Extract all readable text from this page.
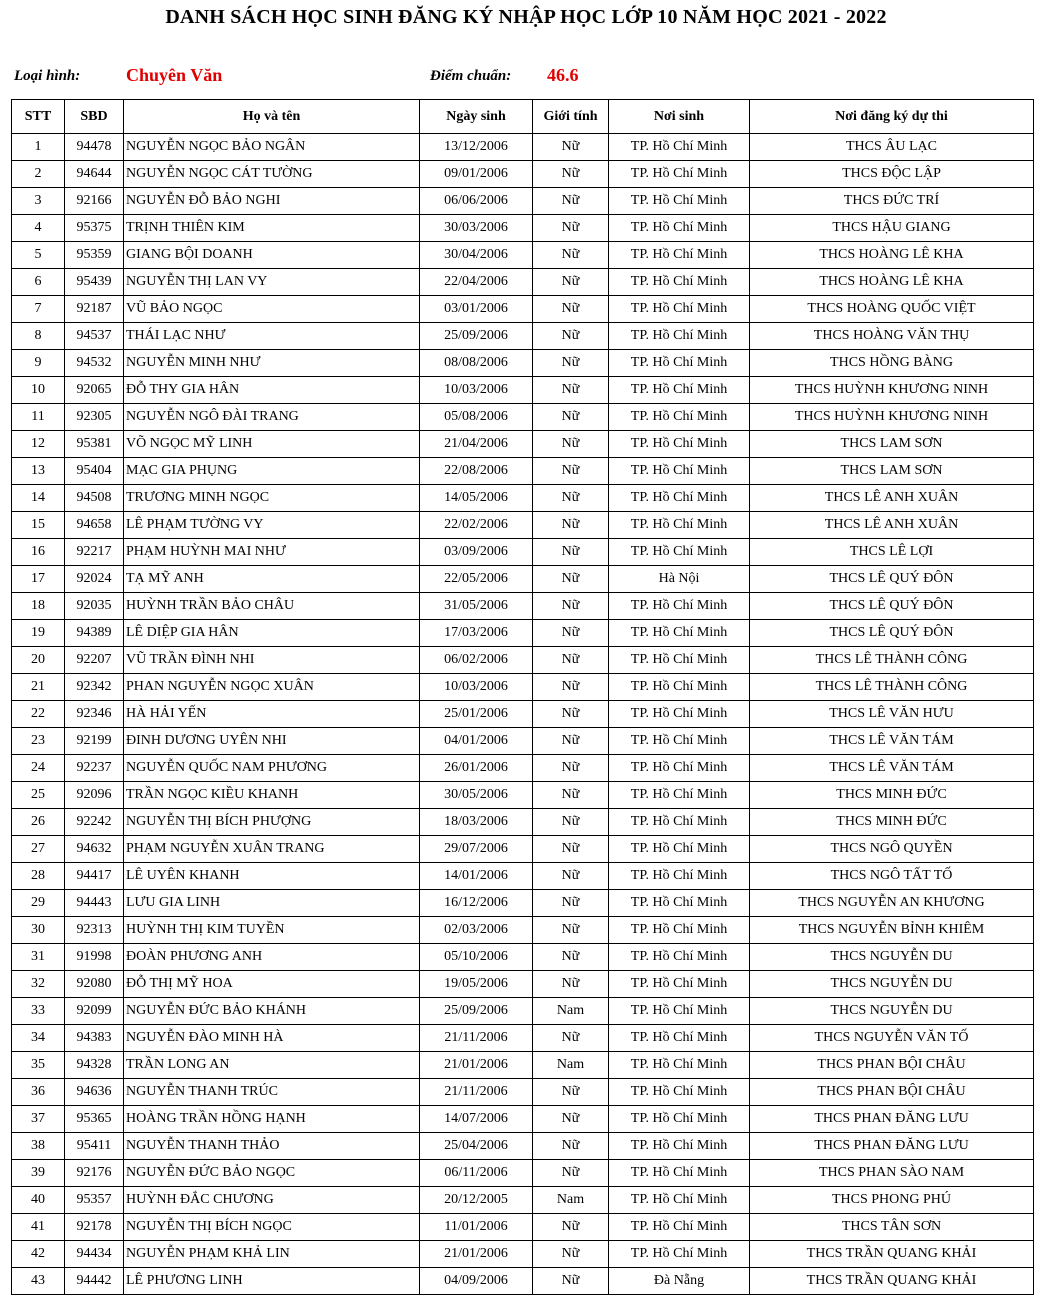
DANH SÁCH HỌC SINH ĐĂNG KÝ NHẬP HỌC LỚP 10 NĂM HỌC 2021 - 2022
Loại hình:	Chuyên Văn	Điểm chuẩn: 46.6
STT	SBD	Họ và tên	Ngày sinh	Giới tính	Nơi sinh	Nơi đăng ký dự thi
1	94478	NGUYỄN NGỌC BẢO NGÂN	13/12/2006	Nữ	TP. Hồ Chí Minh	THCS ÂU LẠC
2	94644	NGUYỄN NGỌC CÁT TƯỜNG	09/01/2006	Nữ	TP. Hồ Chí Minh	THCS ĐỘC LẬP
3	92166	NGUYỄN ĐỖ BẢO NGHI	06/06/2006	Nữ	TP. Hồ Chí Minh	THCS ĐỨC TRÍ
4	95375	TRỊNH THIÊN KIM	30/03/2006	Nữ	TP. Hồ Chí Minh	THCS HẬU GIANG
5	95359	GIANG BỘI DOANH	30/04/2006	Nữ	TP. Hồ Chí Minh	THCS HOÀNG LÊ KHA
6	95439	NGUYỄN THỊ LAN VY	22/04/2006	Nữ	TP. Hồ Chí Minh	THCS HOÀNG LÊ KHA
7	92187	VŨ BẢO NGỌC	03/01/2006	Nữ	TP. Hồ Chí Minh	THCS HOÀNG QUỐC VIỆT
8	94537	THÁI LẠC NHƯ	25/09/2006	Nữ	TP. Hồ Chí Minh	THCS HOÀNG VĂN THỤ
9	94532	NGUYỄN MINH NHƯ	08/08/2006	Nữ	TP. Hồ Chí Minh	THCS HỒNG BÀNG
10	92065	ĐỖ THY GIA HÂN	10/03/2006	Nữ	TP. Hồ Chí Minh	THCS HUỲNH KHƯƠNG NINH
11	92305	NGUYỄN NGÔ ĐÀI TRANG	05/08/2006	Nữ	TP. Hồ Chí Minh	THCS HUỲNH KHƯƠNG NINH
12	95381	VÕ NGỌC MỸ LINH	21/04/2006	Nữ	TP. Hồ Chí Minh	THCS LAM SƠN
13	95404	MẠC GIA PHỤNG	22/08/2006	Nữ	TP. Hồ Chí Minh	THCS LAM SƠN
14	94508	TRƯƠNG MINH NGỌC	14/05/2006	Nữ	TP. Hồ Chí Minh	THCS LÊ ANH XUÂN
15	94658	LÊ PHẠM TƯỜNG VY	22/02/2006	Nữ	TP. Hồ Chí Minh	THCS LÊ ANH XUÂN
16	92217	PHẠM HUỲNH MAI NHƯ	03/09/2006	Nữ	TP. Hồ Chí Minh	THCS LÊ LỢI
17	92024	TẠ MỸ ANH	22/05/2006	Nữ	Hà Nội	THCS LÊ QUÝ ĐÔN
18	92035	HUỲNH TRẦN BẢO CHÂU	31/05/2006	Nữ	TP. Hồ Chí Minh	THCS LÊ QUÝ ĐÔN
19	94389	LÊ DIỆP GIA HÂN	17/03/2006	Nữ	TP. Hồ Chí Minh	THCS LÊ QUÝ ĐÔN
20	92207	VŨ TRẦN ĐÌNH NHI	06/02/2006	Nữ	TP. Hồ Chí Minh	THCS LÊ THÀNH CÔNG
21	92342	PHAN NGUYỄN NGỌC XUÂN	10/03/2006	Nữ	TP. Hồ Chí Minh	THCS LÊ THÀNH CÔNG
22	92346	HÀ HẢI YẾN	25/01/2006	Nữ	TP. Hồ Chí Minh	THCS LÊ VĂN HƯU
23	92199	ĐINH DƯƠNG UYÊN NHI	04/01/2006	Nữ	TP. Hồ Chí Minh	THCS LÊ VĂN TÁM
24	92237	NGUYỄN QUỐC NAM PHƯƠNG	26/01/2006	Nữ	TP. Hồ Chí Minh	THCS LÊ VĂN TÁM
25	92096	TRẦN NGỌC KIỀU KHANH	30/05/2006	Nữ	TP. Hồ Chí Minh	THCS MINH ĐỨC
26	92242	NGUYỄN THỊ BÍCH PHƯỢNG	18/03/2006	Nữ	TP. Hồ Chí Minh	THCS MINH ĐỨC
27	94632	PHẠM NGUYỄN XUÂN TRANG	29/07/2006	Nữ	TP. Hồ Chí Minh	THCS NGÔ QUYỀN
28	94417	LÊ UYÊN KHANH	14/01/2006	Nữ	TP. Hồ Chí Minh	THCS NGÔ TẤT TỐ
29	94443	LƯU GIA LINH	16/12/2006	Nữ	TP. Hồ Chí Minh	THCS NGUYỄN AN KHƯƠNG
30	92313	HUỲNH THỊ KIM TUYỀN	02/03/2006	Nữ	TP. Hồ Chí Minh	THCS NGUYỄN BỈNH KHIÊM
31	91998	ĐOÀN PHƯƠNG ANH	05/10/2006	Nữ	TP. Hồ Chí Minh	THCS NGUYỄN DU
32	92080	ĐỖ THỊ MỸ HOA	19/05/2006	Nữ	TP. Hồ Chí Minh	THCS NGUYỄN DU
33	92099	NGUYỄN ĐỨC BẢO KHÁNH	25/09/2006	Nam	TP. Hồ Chí Minh	THCS NGUYỄN DU
34	94383	NGUYỄN ĐÀO MINH HÀ	21/11/2006	Nữ	TP. Hồ Chí Minh	THCS NGUYỄN VĂN TỐ
35	94328	TRẦN LONG AN	21/01/2006	Nam	TP. Hồ Chí Minh	THCS PHAN BỘI CHÂU
36	94636	NGUYỄN THANH TRÚC	21/11/2006	Nữ	TP. Hồ Chí Minh	THCS PHAN BỘI CHÂU
37	95365	HOÀNG TRẦN HỒNG HẠNH	14/07/2006	Nữ	TP. Hồ Chí Minh	THCS PHAN ĐĂNG LƯU
38	95411	NGUYỄN THANH THẢO	25/04/2006	Nữ	TP. Hồ Chí Minh	THCS PHAN ĐĂNG LƯU
39	92176	NGUYỄN ĐỨC BẢO NGỌC	06/11/2006	Nữ	TP. Hồ Chí Minh	THCS PHAN SÀO NAM
40	95357	HUỲNH ĐẮC CHƯƠNG	20/12/2005	Nam	TP. Hồ Chí Minh	THCS PHONG PHÚ
41	92178	NGUYỄN THỊ BÍCH NGỌC	11/01/2006	Nữ	TP. Hồ Chí Minh	THCS TÂN SƠN
42	94434	NGUYỄN PHẠM KHẢ LIN	21/01/2006	Nữ	TP. Hồ Chí Minh	THCS TRẦN QUANG KHẢI
43	94442	LÊ PHƯƠNG LINH	04/09/2006	Nữ	Đà Nẵng	THCS TRẦN QUANG KHẢI
